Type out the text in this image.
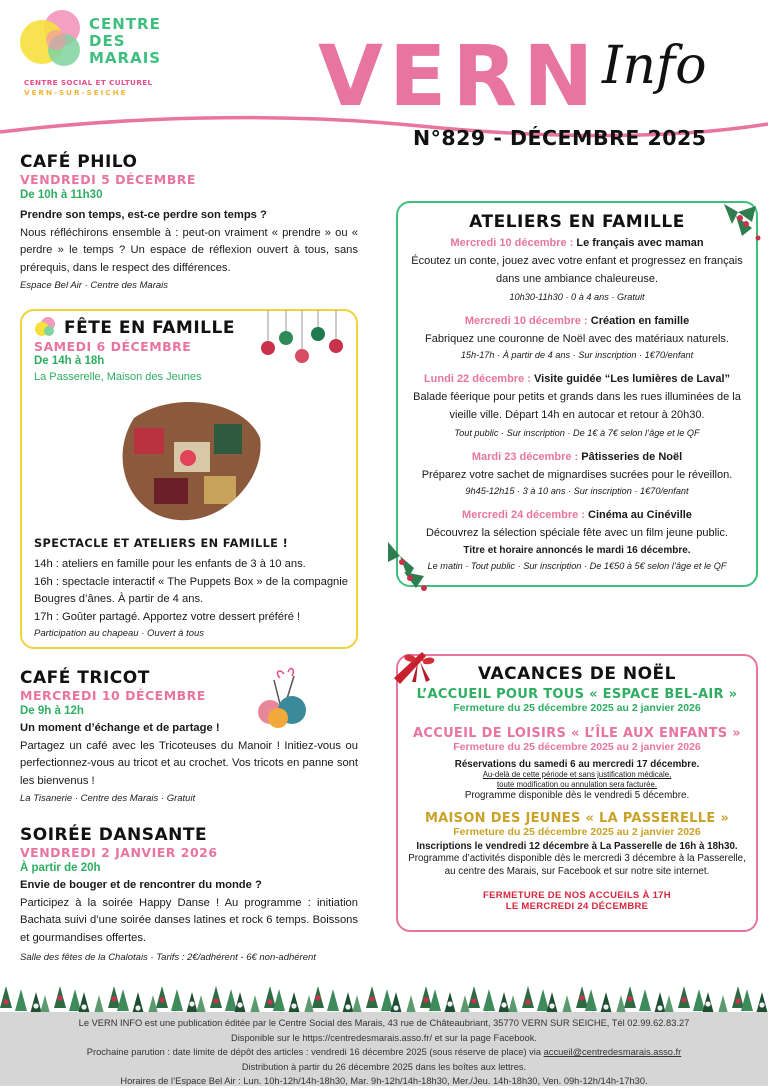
CENTRE
DES
MARAIS
CENTRE SOCIAL ET CULTUREL
VERN-SUR-SEICHE VERN Info
N°829 - DÉCEMBRE 2025
CAFÉ PHILO
VENDREDI 5 DÉCEMBRE
De 10h à 11h30
Prendre son temps, est-ce perdre son temps ?
Nous réfléchirons ensemble à : peut-on vraiment « prendre » ou « perdre » le temps ? Un espace de réflexion ouvert à tous, sans prérequis, dans le respect des différences.
Espace Bel Air · Centre des Marais
FÊTE EN FAMILLE
SAMEDI 6 DÉCEMBRE
De 14h à 18h
La Passerelle, Maison des Jeunes
SPECTACLE ET ATELIERS EN FAMILLE !
14h : ateliers en famille pour les enfants de 3 à 10 ans.
16h : spectacle interactif « The Puppets Box » de la compagnie Bougres d’ânes. À partir de 4 ans.
17h : Goûter partagé. Apportez votre dessert préféré !
Participation au chapeau · Ouvert à tous
CAFÉ TRICOT
MERCREDI 10 DÉCEMBRE
De 9h à 12h
Un moment d’échange et de partage !
Partagez un café avec les Tricoteuses du Manoir ! Initiez-vous ou perfectionnez-vous au tricot et au crochet. Vos tricots en panne sont les bienvenus !
La Tisanerie · Centre des Marais · Gratuit
SOIRÉE DANSANTE
VENDREDI 2 JANVIER 2026
À partir de 20h
Envie de bouger et de rencontrer du monde ?
Participez à la soirée Happy Danse ! Au programme : initiation Bachata suivi d’une soirée danses latines et rock 6 temps. Boissons et gourmandises offertes.
Salle des fêtes de la Chalotais · Tarifs : 2€/adhérent - 6€ non-adhérent
ATELIERS EN FAMILLE
Mercredi 10 décembre : Le français avec maman
Écoutez un conte, jouez avec votre enfant et progressez en français dans une ambiance chaleureuse.
10h30-11h30 · 0 à 4 ans · Gratuit
Mercredi 10 décembre : Création en famille
Fabriquez une couronne de Noël avec des matériaux naturels.
15h-17h · À partir de 4 ans · Sur inscription · 1€70/enfant
Lundi 22 décembre : Visite guidée “Les lumières de Laval”
Balade féerique pour petits et grands dans les rues illuminées de la vieille ville. Départ 14h en autocar et retour à 20h30.
Tout public · Sur inscription · De 1€ à 7€ selon l’âge et le QF
Mardi 23 décembre : Pâtisseries de Noël
Préparez votre sachet de mignardises sucrées pour le réveillon.
9h45-12h15 · 3 à 10 ans · Sur inscription · 1€70/enfant
Mercredi 24 décembre : Cinéma au Cinéville
Découvrez la sélection spéciale fête avec un film jeune public.
Titre et horaire annoncés le mardi 16 décembre.
Le matin · Tout public · Sur inscription · De 1€50 à 5€ selon l’âge et le QF
VACANCES DE NOËL
L’ACCUEIL POUR TOUS « ESPACE BEL-AIR »
Fermeture du 25 décembre 2025 au 2 janvier 2026
ACCUEIL DE LOISIRS « L’ÎLE AUX ENFANTS »
Fermeture du 25 décembre 2025 au 2 janvier 2026
Réservations du samedi 6 au mercredi 17 décembre.
Au-delà de cette période et sans justification médicale,
toute modification ou annulation sera facturée.
Programme disponible dès le vendredi 5 décembre.
MAISON DES JEUNES « LA PASSERELLE »
Fermeture du 25 décembre 2025 au 2 janvier 2026
Inscriptions le vendredi 12 décembre à La Passerelle de 16h à 18h30.
Programme d’activités disponible dès le mercredi 3 décembre à la Passerelle, au centre des Marais, sur Facebook et sur notre site internet.
FERMETURE DE NOS ACCUEILS À 17H
LE MERCREDI 24 DÉCEMBRE
Le VERN INFO est une publication éditée par le Centre Social des Marais, 43 rue de Châteaubriant, 35770 VERN SUR SEICHE, Tél 02.99.62.83.27
Disponible sur le https://centredesmarais.asso.fr/ et sur la page Facebook.
Prochaine parution : date limite de dépôt des articles : vendredi 16 décembre 2025 (sous réserve de place) via accueil@centredesmarais.asso.fr
Distribution à partir du 26 décembre 2025 dans les boîtes aux lettres.
Horaires de l’Espace Bel Air : Lun. 10h-12h/14h-18h30, Mar. 9h-12h/14h-18h30, Mer./Jeu. 14h-18h30, Ven. 09h-12h/14h-17h30.
